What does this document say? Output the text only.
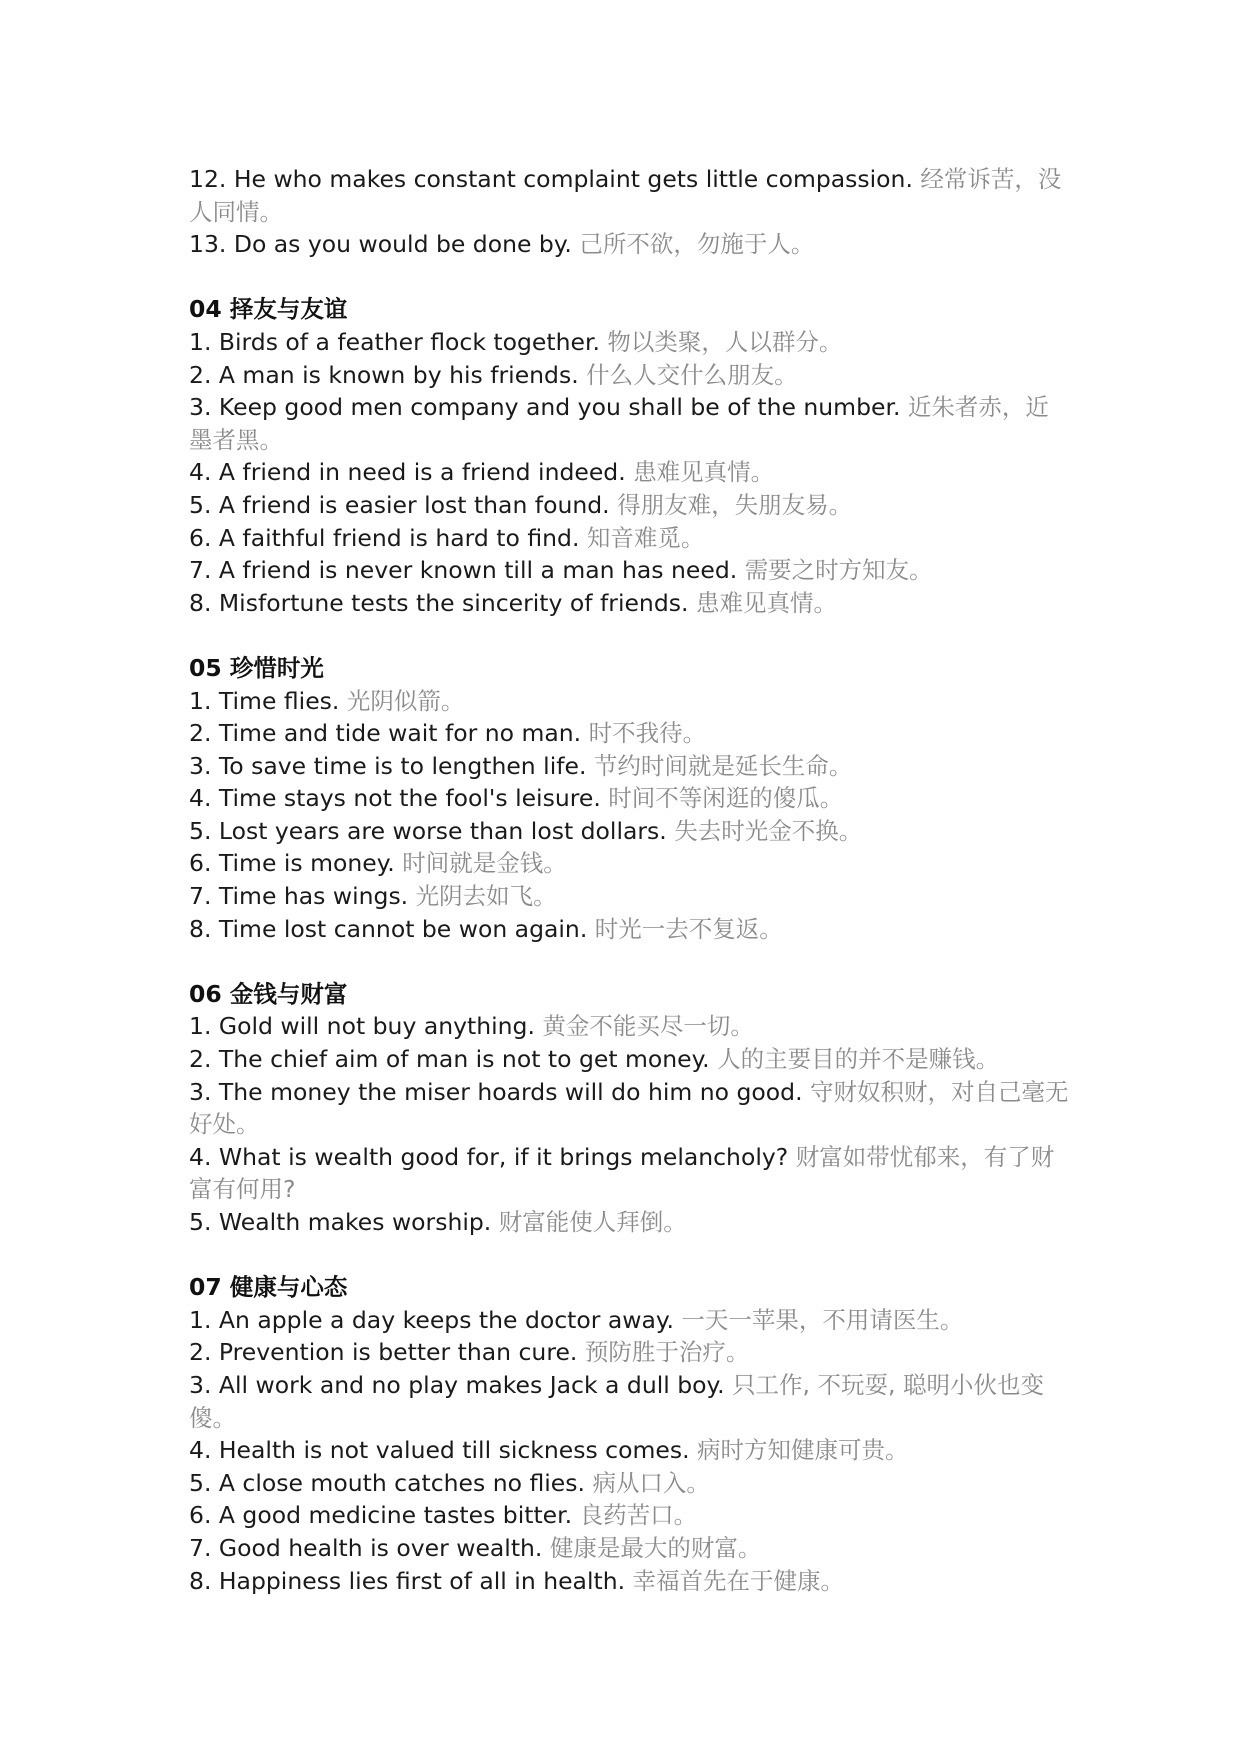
12. He who makes constant complaint gets little compassion. 经常诉苦，没人同情。

13. Do as you would be done by. 己所不欲，勿施于人。

04 择友与友谊

1. Birds of a feather flock together. 物以类聚，人以群分。

2. A man is known by his friends. 什么人交什么朋友。

3. Keep good men company and you shall be of the number. 近朱者赤，近墨者黑。

4. A friend in need is a friend indeed. 患难见真情。

5. A friend is easier lost than found. 得朋友难，失朋友易。

6. A faithful friend is hard to find. 知音难觅。

7. A friend is never known till a man has need. 需要之时方知友。

8. Misfortune tests the sincerity of friends. 患难见真情。

05 珍惜时光

1. Time flies. 光阴似箭。

2. Time and tide wait for no man. 时不我待。

3. To save time is to lengthen life. 节约时间就是延长生命。

4. Time stays not the fool's leisure. 时间不等闲逛的傻瓜。

5. Lost years are worse than lost dollars. 失去时光金不换。

6. Time is money. 时间就是金钱。

7. Time has wings. 光阴去如飞。

8. Time lost cannot be won again. 时光一去不复返。

06 金钱与财富

1. Gold will not buy anything. 黄金不能买尽一切。

2. The chief aim of man is not to get money. 人的主要目的并不是赚钱。

3. The money the miser hoards will do him no good. 守财奴积财，对自己毫无好处。

4. What is wealth good for, if it brings melancholy? 财富如带忧郁来，有了财富有何用?

5. Wealth makes worship. 财富能使人拜倒。

07 健康与心态

1. An apple a day keeps the doctor away. 一天一苹果，不用请医生。

2. Prevention is better than cure. 预防胜于治疗。

3. All work and no play makes Jack a dull boy. 只工作, 不玩耍, 聪明小伙也变傻。

4. Health is not valued till sickness comes. 病时方知健康可贵。

5. A close mouth catches no flies. 病从口入。

6. A good medicine tastes bitter. 良药苦口。

7. Good health is over wealth. 健康是最大的财富。

8. Happiness lies first of all in health. 幸福首先在于健康。
